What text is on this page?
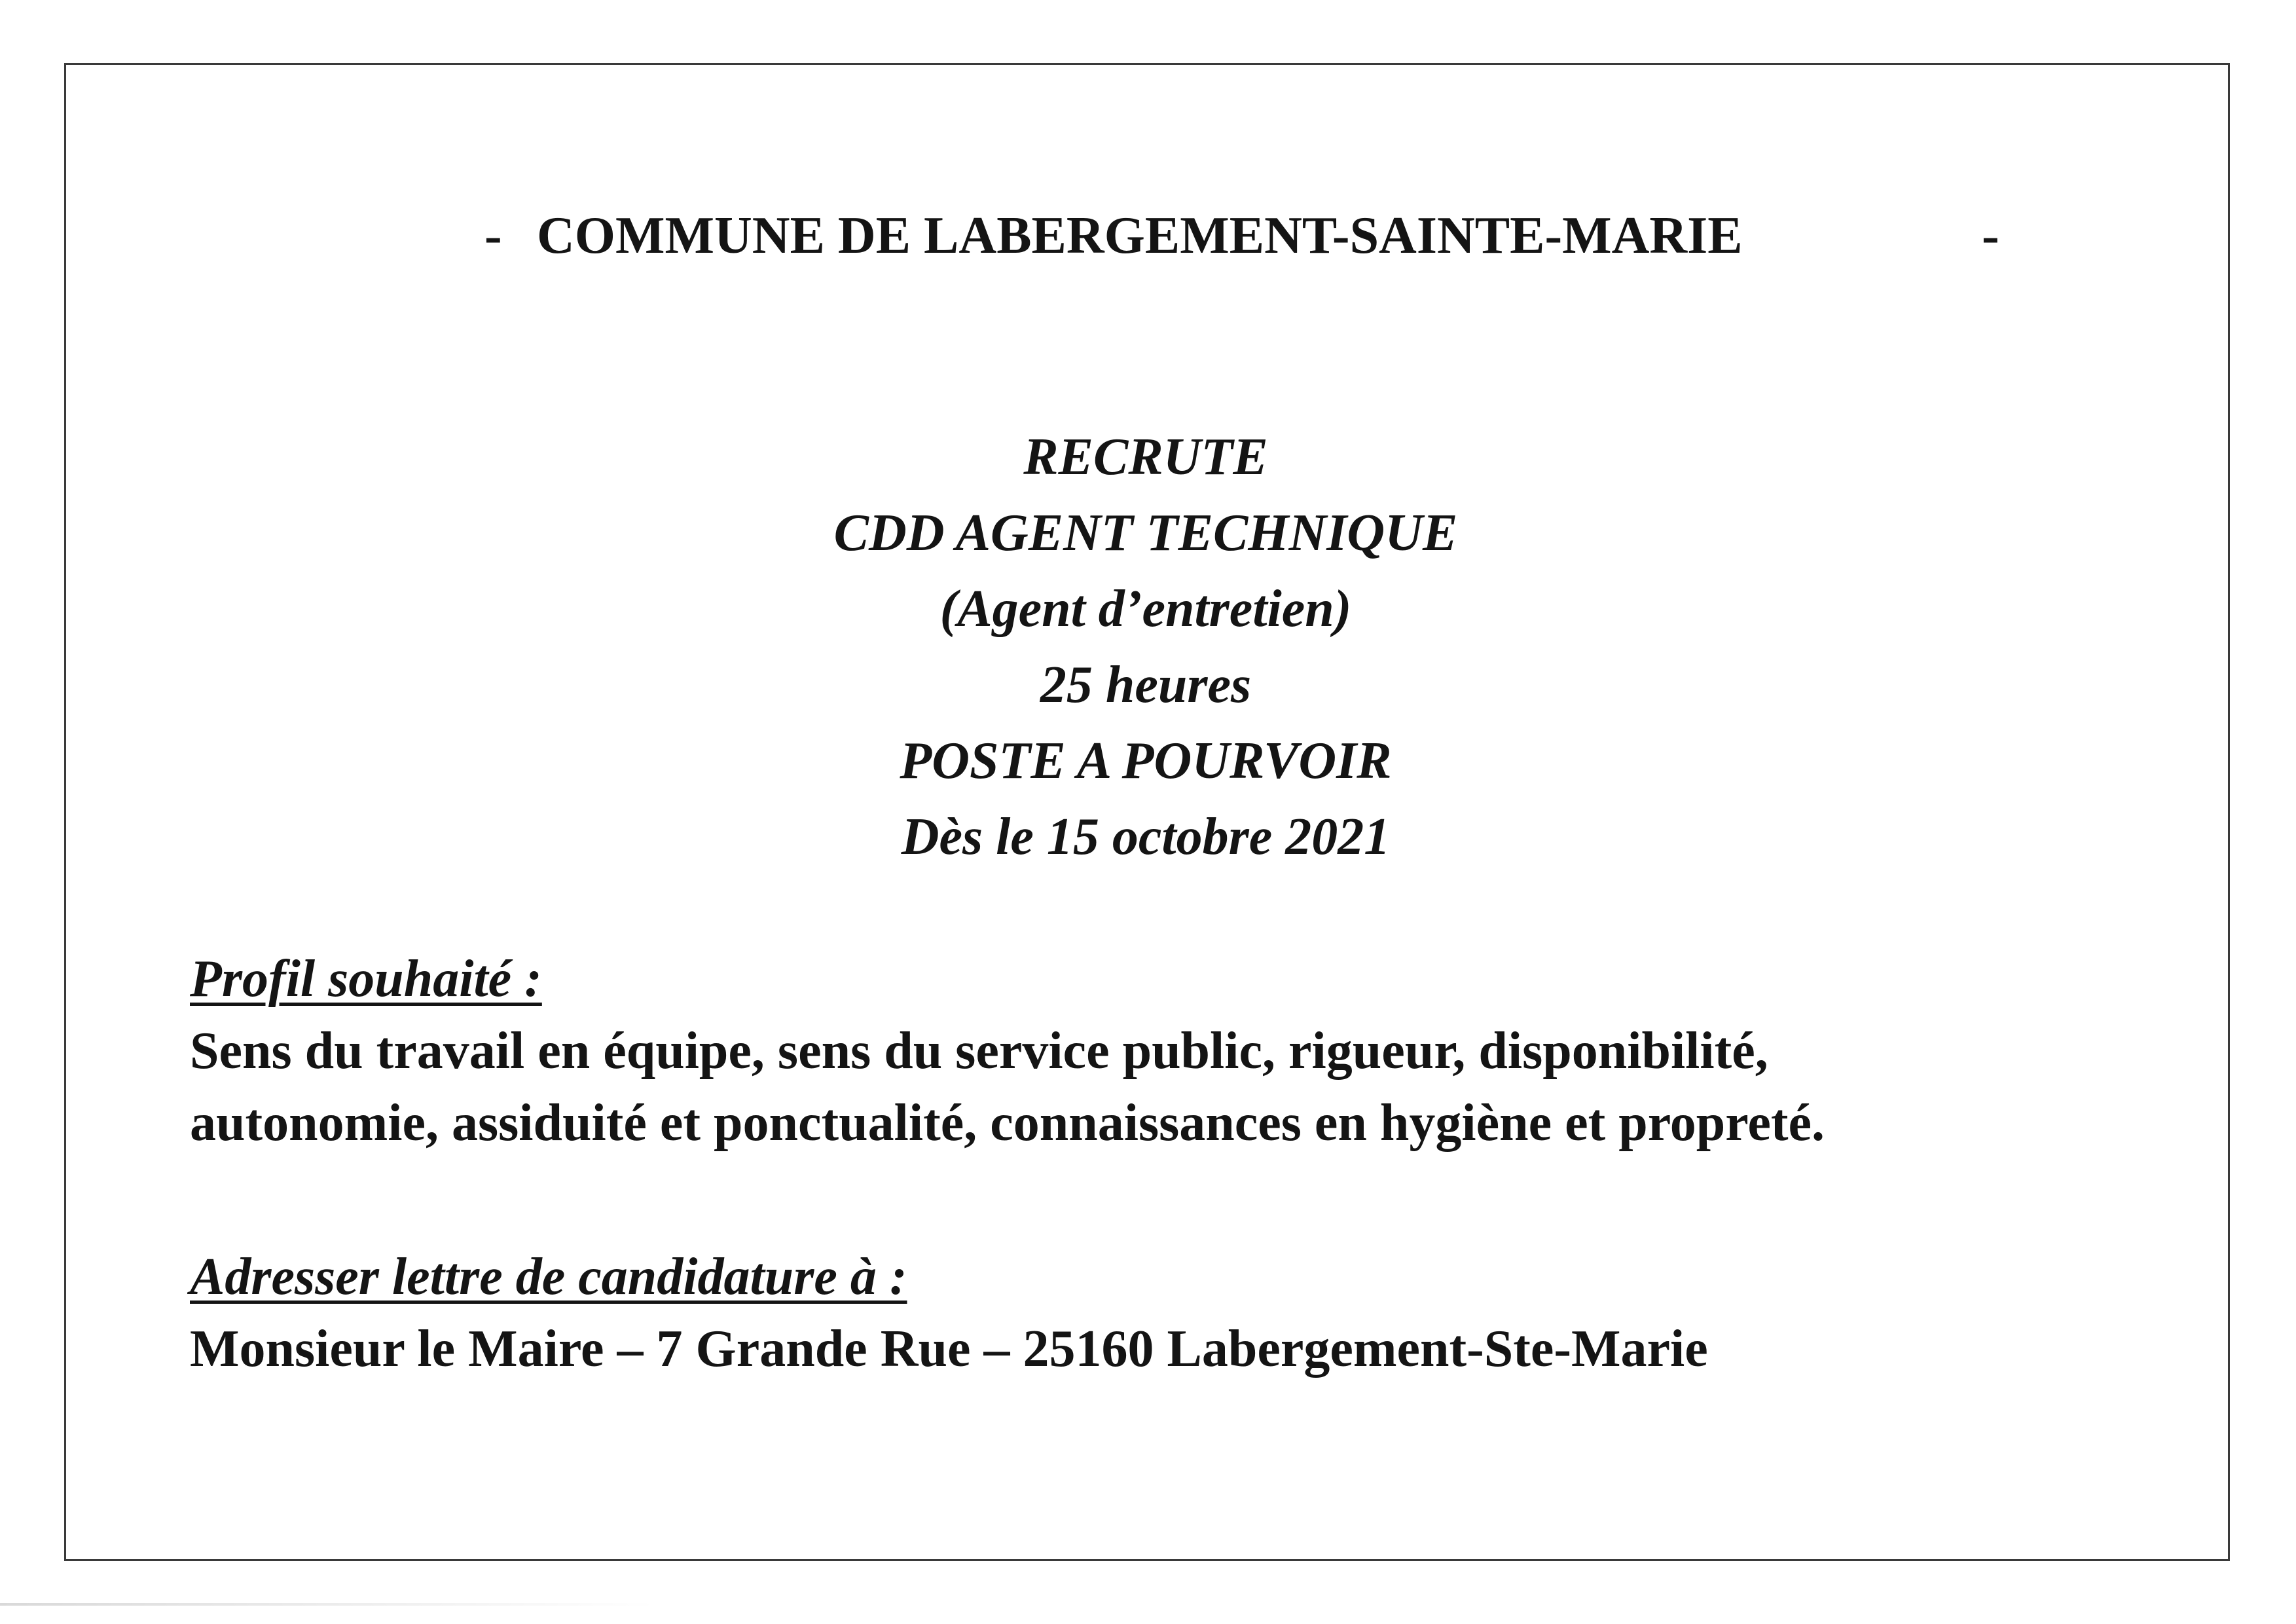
- COMMUNE DE LABERGEMENT-SAINTE-MARIE	-
RECRUTE
CDD AGENT TECHNIQUE
(Agent d’entretien)
25 heures
POSTE A POURVOIR
Dès le 15 octobre 2021
Profil souhaité :
Sens du travail en équipe, sens du service public, rigueur, disponibilité,
autonomie, assiduité et ponctualité, connaissances en hygiène et propreté.
Adresser lettre de candidature à :
Monsieur le Maire – 7 Grande Rue – 25160 Labergement-Ste-Marie
